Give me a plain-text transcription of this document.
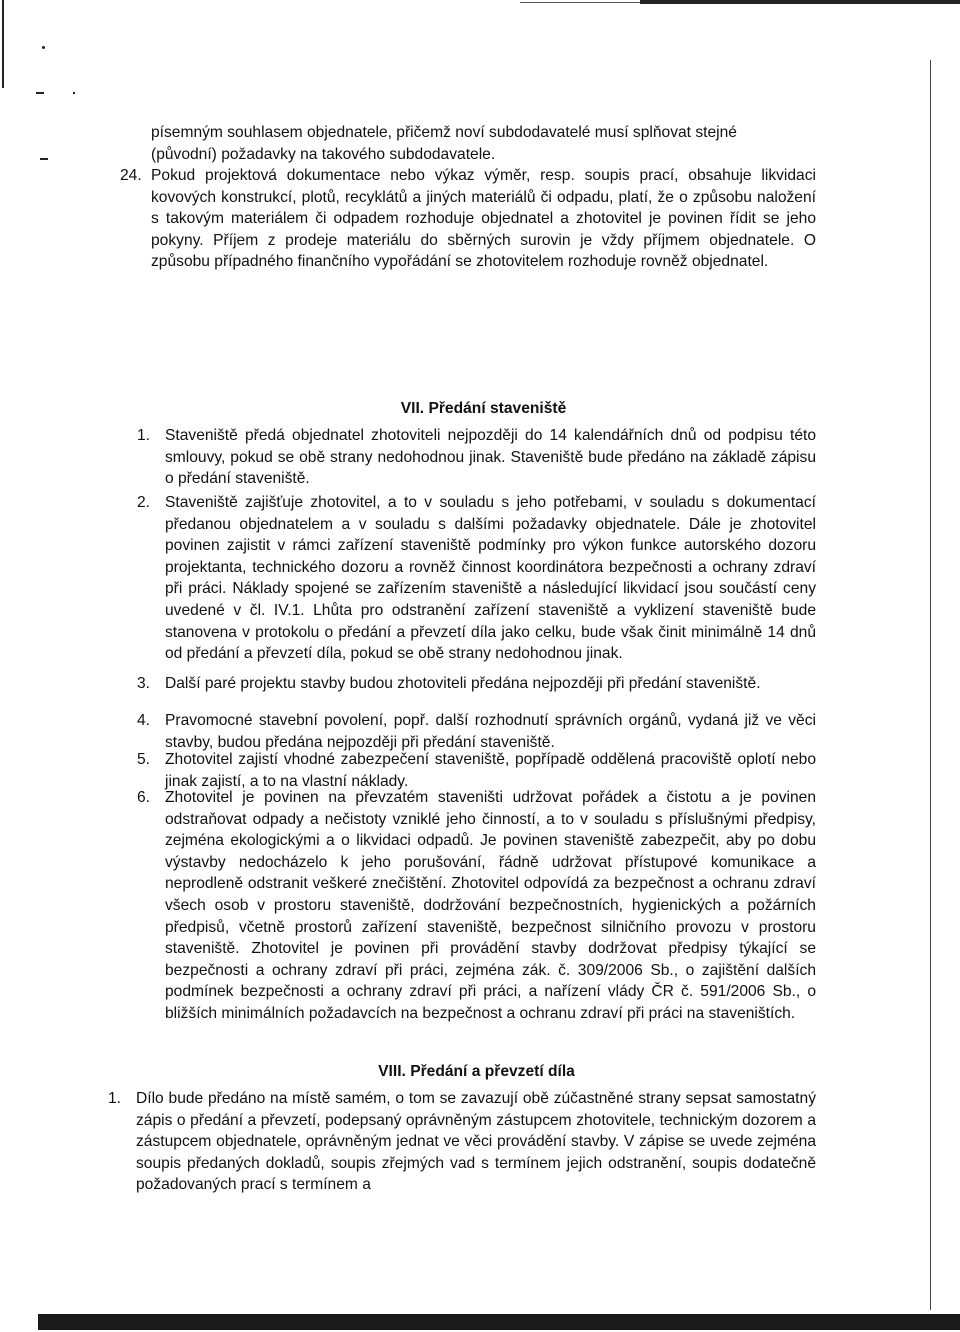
písemným souhlasem objednatele, přičemž noví subdodavatelé musí splňovat stejné
(původní) požadavky na takového subdodavatele.
24. Pokud projektová dokumentace nebo výkaz výměr, resp. soupis prací, obsahuje likvidaci kovových konstrukcí, plotů, recyklátů a jiných materiálů či odpadu, platí, že o způsobu naložení s takovým materiálem či odpadem rozhoduje objednatel a zhotovitel je povinen řídit se jeho pokyny. Příjem z prodeje materiálu do sběrných surovin je vždy příjmem objednatele. O způsobu případného finančního vypořádání se zhotovitelem rozhoduje rovněž objednatel.
VII. Předání staveniště
1. Staveniště předá objednatel zhotoviteli nejpozději do 14 kalendářních dnů od podpisu této smlouvy, pokud se obě strany nedohodnou jinak. Staveniště bude předáno na základě zápisu o předání staveniště.
2. Staveniště zajišťuje zhotovitel, a to v souladu s jeho potřebami, v souladu s dokumentací předanou objednatelem a v souladu s dalšími požadavky objednatele. Dále je zhotovitel povinen zajistit v rámci zařízení staveniště podmínky pro výkon funkce autorského dozoru projektanta, technického dozoru a rovněž činnost koordinátora bezpečnosti a ochrany zdraví při práci. Náklady spojené se zařízením staveniště a následující likvidací jsou součástí ceny uvedené v čl. IV.1. Lhůta pro odstranění zařízení staveniště a vyklizení staveniště bude stanovena v protokolu o předání a převzetí díla jako celku, bude však činit minimálně 14 dnů od předání a převzetí díla, pokud se obě strany nedohodnou jinak.
3. Další paré projektu stavby budou zhotoviteli předána nejpozději při předání staveniště.
4. Pravomocné stavební povolení, popř. další rozhodnutí správních orgánů, vydaná již ve věci stavby, budou předána nejpozději při předání staveniště.
5. Zhotovitel zajistí vhodné zabezpečení staveniště, popřípadě oddělená pracoviště oplotí nebo jinak zajistí, a to na vlastní náklady.
6. Zhotovitel je povinen na převzatém staveništi udržovat pořádek a čistotu a je povinen odstraňovat odpady a nečistoty vzniklé jeho činností, a to v souladu s příslušnými předpisy, zejména ekologickými a o likvidaci odpadů. Je povinen staveniště zabezpečit, aby po dobu výstavby nedocházelo k jeho porušování, řádně udržovat přístupové komunikace a neprodleně odstranit veškeré znečištění. Zhotovitel odpovídá za bezpečnost a ochranu zdraví všech osob v prostoru staveniště, dodržování bezpečnostních, hygienických a požárních předpisů, včetně prostorů zařízení staveniště, bezpečnost silničního provozu v prostoru staveniště. Zhotovitel je povinen při provádění stavby dodržovat předpisy týkající se bezpečnosti a ochrany zdraví při práci, zejména zák. č. 309/2006 Sb., o zajištění dalších podmínek bezpečnosti a ochrany zdraví při práci, a nařízení vlády ČR č. 591/2006 Sb., o bližších minimálních požadavcích na bezpečnost a ochranu zdraví při práci na staveništích.
VIII. Předání a převzetí díla
1. Dílo bude předáno na místě samém, o tom se zavazují obě zúčastněné strany sepsat samostatný zápis o předání a převzetí, podepsaný oprávněným zástupcem zhotovitele, technickým dozorem a zástupcem objednatele, oprávněným jednat ve věci provádění stavby. V zápise se uvede zejména soupis předaných dokladů, soupis zřejmých vad s termínem jejich odstranění, soupis dodatečně požadovaných prací s termínem a
